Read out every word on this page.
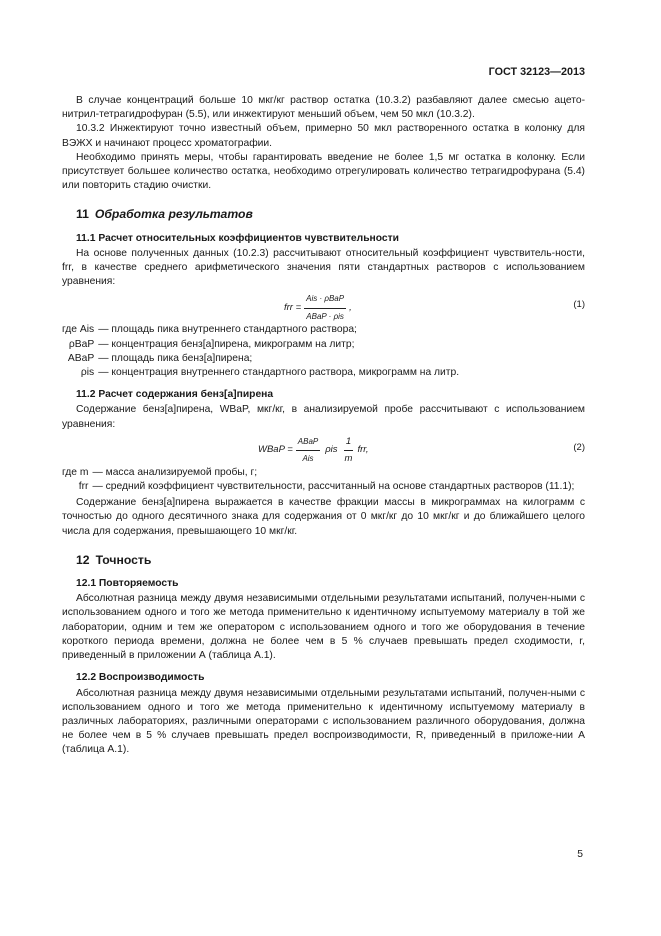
ГОСТ 32123—2013

В случае концентраций больше 10 мкг/кг раствор остатка (10.3.2) разбавляют далее смесью ацето-нитрил-тетрагидрофуран (5.5), или инжектируют меньший объем, чем 50 мкл (10.3.2).

10.3.2 Инжектируют точно известный объем, примерно 50 мкл растворенного остатка в колонку для ВЭЖХ и начинают процесс хроматографии.

Необходимо принять меры, чтобы гарантировать введение не более 1,5 мг остатка в колонку. Если присутствует большее количество остатка, необходимо отрегулировать количество тетрагидрофурана (5.4) или повторить стадию очистки.

11 Обработка результатов

11.1 Расчет относительных коэффициентов чувствительности

На основе полученных данных (10.2.3) рассчитывают относительный коэффициент чувствитель-ности, frr, в качестве среднего арифметического значения пяти стандартных растворов с использованием уравнения:

frr = $\frac{\text{Ais · ρBaP}}{\text{ABaP · ρis}}$ ,	(1)
где Ais — площадь пика внутреннего стандартного раствора;
ρBaP — концентрация бенз[а]пирена, микрограмм на литр;
ABaP — площадь пика бенз[а]пирена;
ρis — концентрация внутреннего стандартного раствора, микрограмм на литр.

11.2 Расчет содержания бенз[а]пирена

Содержание бенз[а]пирена, WBaP, мкг/кг, в анализируемой пробе рассчитывают с использованием уравнения:

WBaP = $\frac{\text{ABaP}}{\text{Ais}}$ ρis $\frac{1}{m}$ frr,	(2)
где m — масса анализируемой пробы, г;
frr — средний коэффициент чувствительности, рассчитанный на основе стандартных растворов (11.1);

Содержание бенз[а]пирена выражается в качестве фракции массы в микрограммах на килограмм с точностью до одного десятичного знака для содержания от 0 мкг/кг до 10 мкг/кг и до ближайшего целого числа для содержания, превышающего 10 мкг/кг.

12 Точность

12.1 Повторяемость

Абсолютная разница между двумя независимыми отдельными результатами испытаний, получен-ными с использованием одного и того же метода применительно к идентичному испытуемому материалу в той же лаборатории, одним и тем же оператором с использованием одного и того же оборудования в течение короткого периода времени, должна не более чем в 5 % случаев превышать предел сходимости, r, приведенный в приложении А (таблица А.1).

12.2 Воспроизводимость

Абсолютная разница между двумя независимыми отдельными результатами испытаний, получен-ными с использованием одного и того же метода применительно к идентичному испытуемому материалу в различных лабораториях, различными операторами с использованием различного оборудования, должна не более чем в 5 % случаев превышать предел воспроизводимости, R, приведенный в приложе-нии А (таблица А.1).

5
